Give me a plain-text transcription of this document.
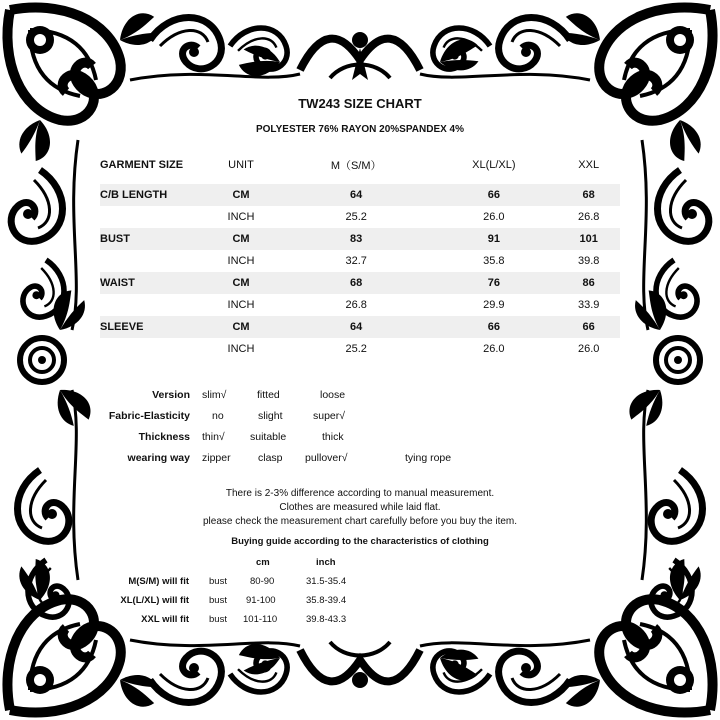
TW243 SIZE CHART
POLYESTER 76% RAYON 20%SPANDEX 4%
GARMENT SIZE	UNIT	M（S/M）	XL(L/XL)	XXL
C/B LENGTH	CM	64	66	68
	INCH	25.2	26.0	26.8
BUST	CM	83	91	101
	INCH	32.7	35.8	39.8
WAIST	CM	68	76	86
	INCH	26.8	29.9	33.9
SLEEVE	CM	64	66	66
	INCH	25.2	26.0	26.0
Version slim√	fitted	loose
Fabric-Elasticity no	slight	super√
Thickness thin√ suitable	thick
wearing way zipper	clasp pullover√	tying rope
There is 2-3% difference according to manual measurement.
Clothes are measured while laid flat.
please check the measurement chart carefully before you buy the item.
Buying guide according to the characteristics of clothing
cm	inch
M(S/M) will fit bust 80-90	31.5-35.4
XL(L/XL) will fit bust 91-100	35.8-39.4
XXL will fit bust 101-110	39.8-43.3
